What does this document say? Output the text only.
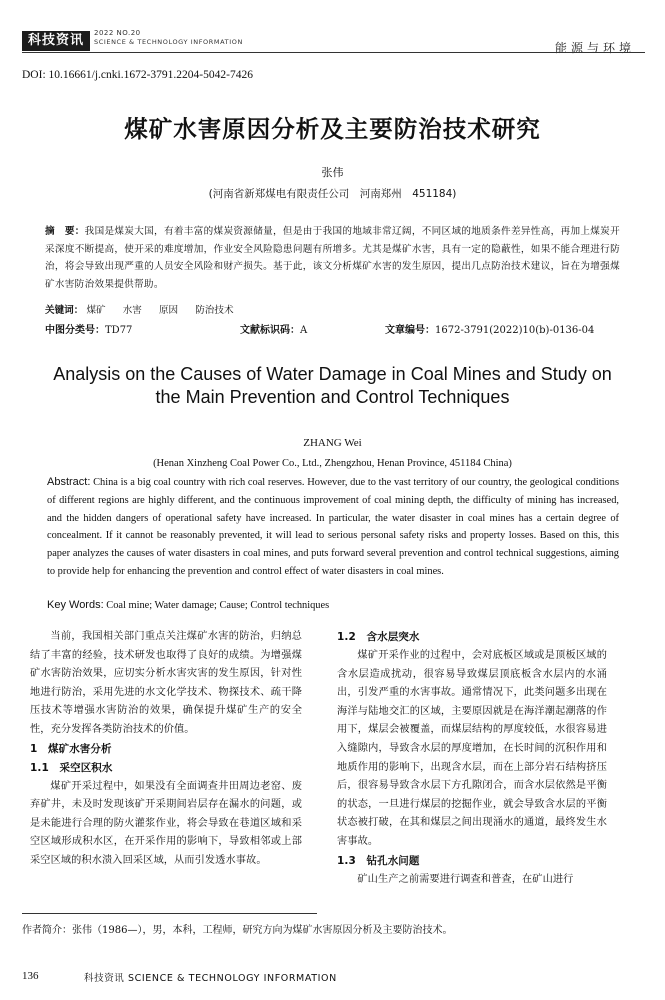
科技资讯	2022 NO.20
SCIENCE & TECHNOLOGY INFORMATION	能源与环境
DOI: 10.16661/j.cnki.1672-3791.2204-5042-7426
煤矿水害原因分析及主要防治技术研究
张伟
(河南省新郑煤电有限责任公司　河南郑州　451184)
摘　要：我国是煤炭大国，有着丰富的煤炭资源储量，但是由于我国的地域非常辽阔，不同区域的地质条件差异性高，再加上煤炭开采深度不断提高，使开采的难度增加，作业安全风险隐患问题有所增多。尤其是煤矿水害，具有一定的隐蔽性，如果不能合理进行防治，将会导致出现严重的人员安全风险和财产损失。基于此，该文分析煤矿水害的发生原因，提出几点防治技术建议，旨在为增强煤矿水害防治效果提供帮助。
关键词： 煤矿 水害 原因 防治技术
中图分类号：TD77	文献标识码：A	文章编号：1672-3791(2022)10(b)-0136-04
Analysis on the Causes of Water Damage in Coal Mines and Study on the Main Prevention and Control Techniques
ZHANG Wei
(Henan Xinzheng Coal Power Co., Ltd., Zhengzhou, Henan Province, 451184 China)
Abstract: China is a big coal country with rich coal reserves. However, due to the vast territory of our country, the geological conditions of different regions are highly different, and the continuous improvement of coal mining depth, the difficulty of mining has increased, and the hidden dangers of operational safety have increased. In particular, the water disaster in coal mines has a certain degree of concealment. If it cannot be reasonably prevented, it will lead to serious personal safety risks and property losses. Based on this, this paper analyzes the causes of water disasters in coal mines, and puts forward several prevention and control technical suggestions, aiming to provide help for enhancing the prevention and control effect of water disasters in coal mines.
Key Words: Coal mine; Water damage; Cause; Control techniques

当前，我国相关部门重点关注煤矿水害的防治，归纳总结了丰富的经验，技术研发也取得了良好的成绩。为增强煤矿水害防治效果，应切实分析水害灾害的发生原因，针对性地进行防治，采用先进的水文化学技术、物探技术、疏干降压技术等增强水害防治的效果，确保提升煤矿生产的安全性，充分发挥各类防治技术的价值。

1　煤矿水害分析
1.1　采空区积水

煤矿开采过程中，如果没有全面调查井田周边老窑、废弃矿井，未及时发现该矿开采期间岩层存在漏水的问题，或是未能进行合理的防火灌浆作业，将会导致在巷道区域和采空区域形成积水区，在开采作用的影响下，导致相邻或上部采空区域的积水溃入回采区域，从而引发透水事故。

1.2　含水层突水

煤矿开采作业的过程中，会对底板区域或是顶板区域的含水层造成扰动，很容易导致煤层顶底板含水层内的水涌出，引发严重的水害事故。通常情况下，此类问题多出现在海洋与陆地交汇的区域，主要原因就是在海洋潮起潮落的作用下，煤层会被覆盖，而煤层结构的厚度较低，水很容易进入缝隙内，导致含水层的厚度增加，在长时间的沉积作用和地质作用的影响下，出现含水层，而在上部分岩石结构挤压后，很容易导致含水层下方孔隙闭合，而含水层依然是平衡的状态，一旦进行煤层的挖掘作业，就会导致含水层的平衡状态被打破，在其和煤层之间出现涌水的通道，最终发生水害事故。

1.3　钻孔水问题

矿山生产之前需要进行调查和普查，在矿山进行

作者简介：张伟（1986—），男，本科，工程师，研究方向为煤矿水害原因分析及主要防治技术。
136	科技资讯 SCIENCE & TECHNOLOGY INFORMATION
